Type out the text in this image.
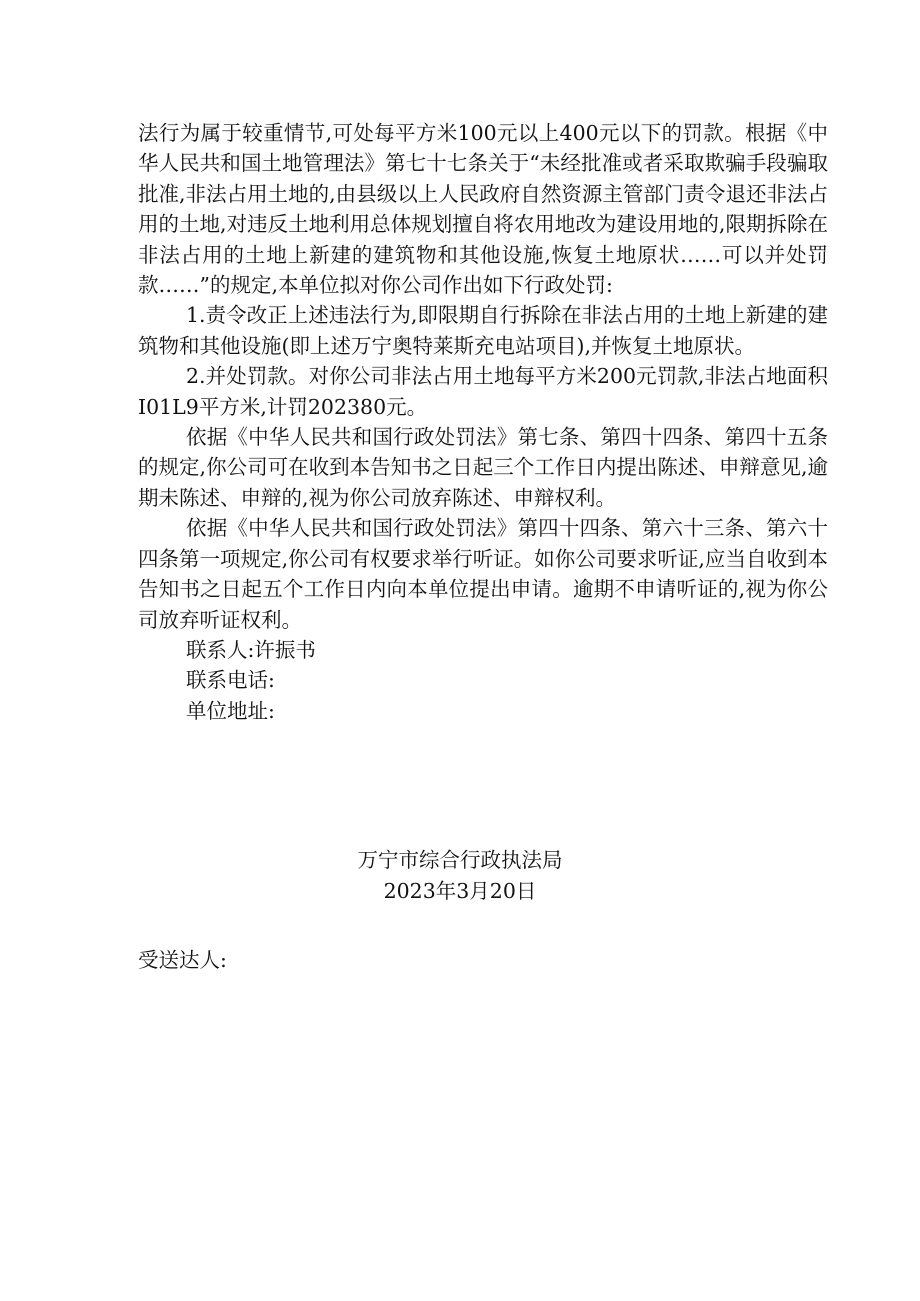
法行为属于较重情节,可处每平方米100元以上400元以下的罚款。根据《中华人民共和国土地管理法》第七十七条关于“未经批准或者采取欺骗手段骗取批准,非法占用土地的,由县级以上人民政府自然资源主管部门责令退还非法占用的土地,对违反土地利用总体规划擅自将农用地改为建设用地的,限期拆除在非法占用的土地上新建的建筑物和其他设施,恢复土地原状……可以并处罚款……”的规定,本单位拟对你公司作出如下行政处罚:

1.责令改正上述违法行为,即限期自行拆除在非法占用的土地上新建的建筑物和其他设施(即上述万宁奥特莱斯充电站项目),并恢复土地原状。

2.并处罚款。对你公司非法占用土地每平方米200元罚款,非法占地面积I01L9平方米,计罚202380元。

依据《中华人民共和国行政处罚法》第七条、第四十四条、第四十五条的规定,你公司可在收到本告知书之日起三个工作日内提出陈述、申辩意见,逾期未陈述、申辩的,视为你公司放弃陈述、申辩权利。

依据《中华人民共和国行政处罚法》第四十四条、第六十三条、第六十四条第一项规定,你公司有权要求举行听证。如你公司要求听证,应当自收到本告知书之日起五个工作日内向本单位提出申请。逾期不申请听证的,视为你公司放弃听证权利。

联系人:许振书

联系电话:

单位地址:

万宁市综合行政执法局
2023年3月20日
受送达人:
